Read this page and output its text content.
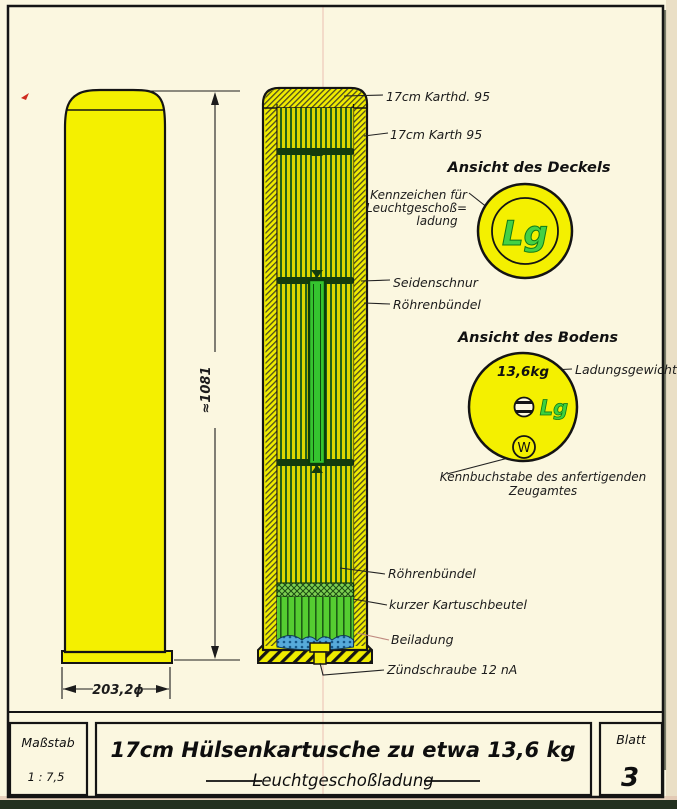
≈1081
203,2ϕ
17cm Karthd. 95
17cm Karth 95
Seidenschnur
Röhrenbündel
Röhrenbündel
kurzer Kartuschbeutel
Beiladung
Zündschraube 12 nA
Ansicht des Deckels
Kennzeichen für
Leuchtgeschoß=
ladung Lg
Ansicht des Bodens
13,6kg Ladungsgewicht
Lg
W
Kennbuchstabe des anfertigenden
Zeugamtes
Maßstab
1 : 7,5
17cm Hülsenkartusche zu etwa 13,6 kg
Leuchtgeschoßladung
Blatt
3
